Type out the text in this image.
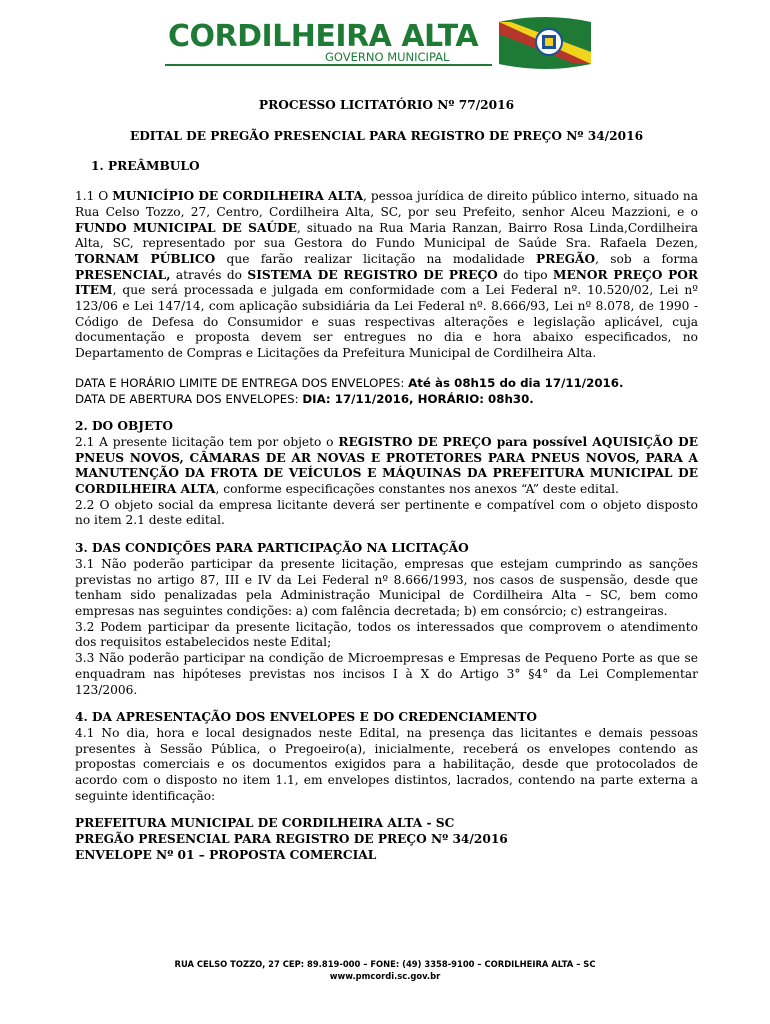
CORDILHEIRA ALTA
GOVERNO MUNICIPAL

PROCESSO LICITATÓRIO Nº 77/2016

EDITAL DE PREGÃO PRESENCIAL PARA REGISTRO DE PREÇO Nº 34/2016

1. PREÂMBULO

1.1 O MUNICÍPIO DE CORDILHEIRA ALTA, pessoa jurídica de direito público interno, situado na Rua Celso Tozzo, 27, Centro, Cordilheira Alta, SC, por seu Prefeito, senhor Alceu Mazzioni, e o FUNDO MUNICIPAL DE SAÚDE, situado na Rua Maria Ranzan, Bairro Rosa Linda,Cordilheira Alta, SC, representado por sua Gestora do Fundo Municipal de Saúde Sra. Rafaela Dezen, TORNAM PÚBLICO que farão realizar licitação na modalidade PREGÃO, sob a forma PRESENCIAL, através do SISTEMA DE REGISTRO DE PREÇO do tipo MENOR PREÇO POR ITEM, que será processada e julgada em conformidade com a Lei Federal nº. 10.520/02, Lei nº 123/06 e Lei 147/14, com aplicação subsidiária da Lei Federal nº. 8.666/93, Lei nº 8.078, de 1990 - Código de Defesa do Consumidor e suas respectivas alterações e legislação aplicável, cuja documentação e proposta devem ser entregues no dia e hora abaixo especificados, no Departamento de Compras e Licitações da Prefeitura Municipal de Cordilheira Alta.

DATA E HORÁRIO LIMITE DE ENTREGA DOS ENVELOPES: Até às 08h15 do dia 17/11/2016.

DATA DE ABERTURA DOS ENVELOPES: DIA: 17/11/2016, HORÁRIO: 08h30.

2. DO OBJETO

2.1 A presente licitação tem por objeto o REGISTRO DE PREÇO para possível AQUISIÇÃO DE PNEUS NOVOS, CÂMARAS DE AR NOVAS E PROTETORES PARA PNEUS NOVOS, PARA A MANUTENÇÃO DA FROTA DE VEÍCULOS E MÁQUINAS DA PREFEITURA MUNICIPAL DE CORDILHEIRA ALTA, conforme especificações constantes nos anexos “A” deste edital.

2.2 O objeto social da empresa licitante deverá ser pertinente e compatível com o objeto disposto no item 2.1 deste edital.

3. DAS CONDIÇÕES PARA PARTICIPAÇÃO NA LICITAÇÃO

3.1 Não poderão participar da presente licitação, empresas que estejam cumprindo as sanções previstas no artigo 87, III e IV da Lei Federal nº 8.666/1993, nos casos de suspensão, desde que tenham sido penalizadas pela Administração Municipal de Cordilheira Alta – SC, bem como empresas nas seguintes condições: a) com falência decretada; b) em consórcio; c) estrangeiras.

3.2 Podem participar da presente licitação, todos os interessados que comprovem o atendimento dos requisitos estabelecidos neste Edital;

3.3 Não poderão participar na condição de Microempresas e Empresas de Pequeno Porte as que se enquadram nas hipóteses previstas nos incisos I à X do Artigo 3° §4° da Lei Complementar 123/2006.

4. DA APRESENTAÇÃO DOS ENVELOPES E DO CREDENCIAMENTO

4.1 No dia, hora e local designados neste Edital, na presença das licitantes e demais pessoas presentes à Sessão Pública, o Pregoeiro(a), inicialmente, receberá os envelopes contendo as propostas comerciais e os documentos exigidos para a habilitação, desde que protocolados de acordo com o disposto no item 1.1, em envelopes distintos, lacrados, contendo na parte externa a seguinte identificação:

PREFEITURA MUNICIPAL DE CORDILHEIRA ALTA - SC

PREGÃO PRESENCIAL PARA REGISTRO DE PREÇO Nº 34/2016

ENVELOPE Nº 01 – PROPOSTA COMERCIAL

RUA CELSO TOZZO, 27 CEP: 89.819-000 – FONE: (49) 3358-9100 – CORDILHEIRA ALTA – SC
www.pmcordi.sc.gov.br
